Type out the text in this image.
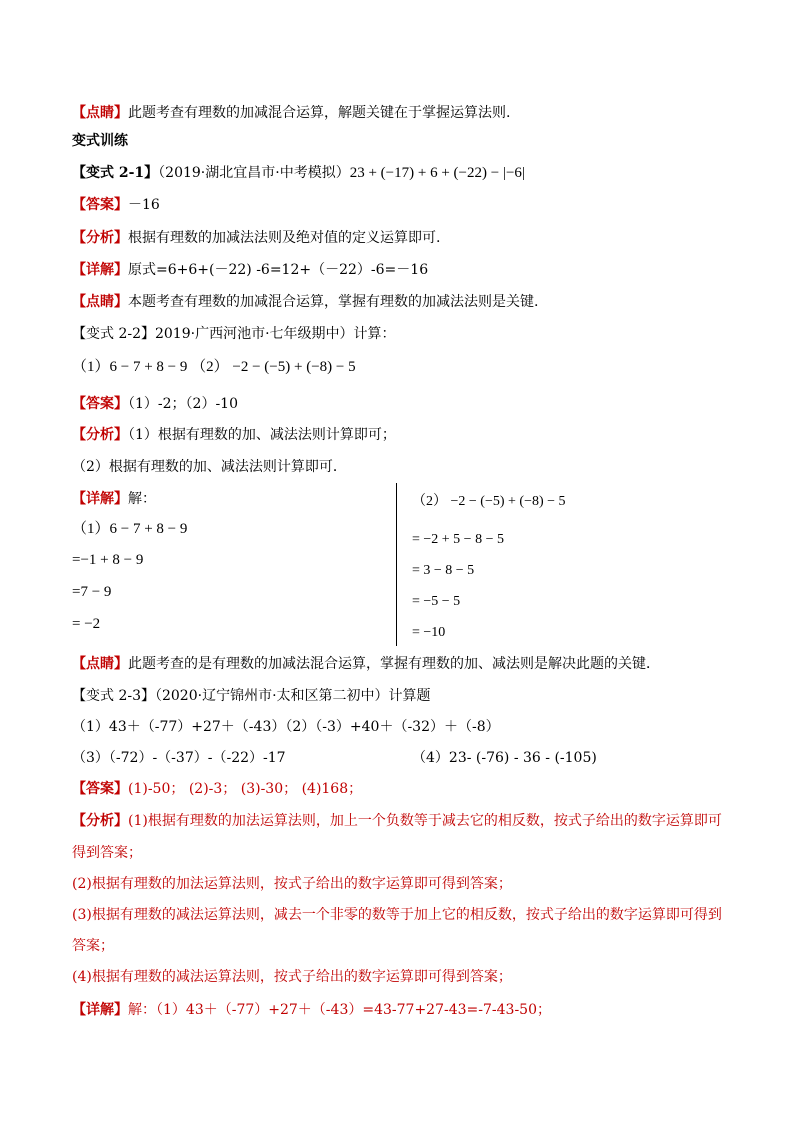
【点睛】此题考查有理数的加减混合运算，解题关键在于掌握运算法则.
变式训练
【变式 2-1】（2019·湖北宜昌市·中考模拟）23 + (−17) + 6 + (−22) − |−6|
【答案】－16
【分析】根据有理数的加减法法则及绝对值的定义运算即可.
【详解】原式=6+6+(－22) -6=12+（－22）-6=－16
【点睛】本题考查有理数的加减混合运算，掌握有理数的加减法法则是关键.
【变式 2-2】2019·广西河池市·七年级期中）计算：
（1）6 − 7 + 8 − 9 （2） −2 − (−5) + (−8) − 5
【答案】（1）-2；（2）-10
【分析】（1）根据有理数的加、减法法则计算即可；
（2）根据有理数的加、减法法则计算即可．
【详解】解：
（1）6 − 7 + 8 − 9
=−1 + 8 − 9
=7 − 9
= −2
（2） −2 − (−5) + (−8) − 5
= −2 + 5 − 8 − 5
= 3 − 8 − 5
= −5 − 5
= −10
【点睛】此题考查的是有理数的加减法混合运算，掌握有理数的加、减法则是解决此题的关键．
【变式 2-3】（2020·辽宁锦州市·太和区第二初中）计算题
（1）43＋（-77）+27＋（-43）（2）（-3）+40＋（-32）＋（-8）
（3）（-72）-（-37）-（-22）-17	（4）23- (-76) - 36 - (-105)
【答案】(1)-50； (2)-3； (3)-30； (4)168；
【分析】(1)根据有理数的加法运算法则，加上一个负数等于减去它的相反数，按式子给出的数字运算即可
得到答案；
(2)根据有理数的加法运算法则，按式子给出的数字运算即可得到答案；
(3)根据有理数的减法运算法则，减去一个非零的数等于加上它的相反数，按式子给出的数字运算即可得到
答案；
(4)根据有理数的减法运算法则，按式子给出的数字运算即可得到答案；
【详解】解：（1）43＋（-77）+27＋（-43）=43-77+27-43=-7-43-50；
